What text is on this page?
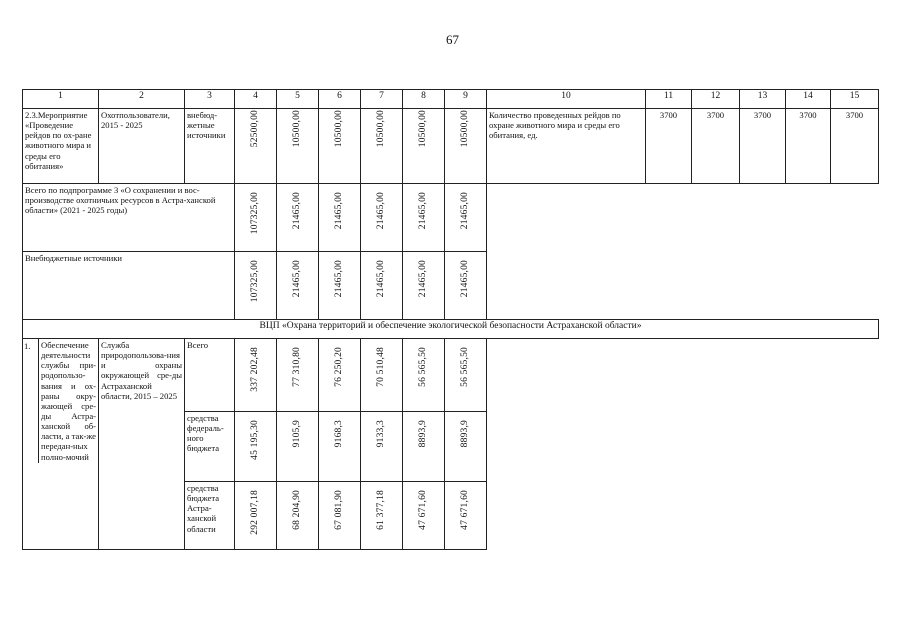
67
1	2	3	4	5	6	7	8	9	10	11	12	13	14	15
2.3.Мероприятие «Проведение рейдов по ох-ране животного мира и среды его обитания»	Охотпользователи, 2015 - 2025	внебюд-жетные источники	52500,00	10500,00	10500,00	10500,00	10500,00	10500,00	Количество проведенных рейдов по охране животного мира и среды его обитания, ед.	3700	3700	3700	3700	3700
Всего по подпрограмме 3 «О сохранении и вос-производстве охотничьих ресурсов в Астра-ханской области» (2021 - 2025 годы)			107325,00	21465,00	21465,00	21465,00	21465,00	21465,00						

Внебюджетные источники			107325,00	21465,00	21465,00	21465,00	21465,00	21465,00						

ВЦП «Охрана территорий и обеспечение экологической безопасности Астраханской области»														

1. Обеспечение деятельности службы при-родопользо-вания и ох-раны окру-жающей сре-ды Астра-ханской об-ласти, а так-же передан-ных полно-мочий	Служба природопользова-ния и охраны окружающей сре-ды Астраханской области, 2015 – 2025	Всего	337 202,48	77 310,80	76 250,20	70 510,48	56 565,50	56 565,50						

		средства федераль-ного бюджета	45 195,30	9105,9	9168,3	9133,3	8893,9	8893,9						

		средства бюджета Астра-ханской области	292 007,18	68 204,90	67 081,90	61 377,18	47 671,60	47 671,60						
